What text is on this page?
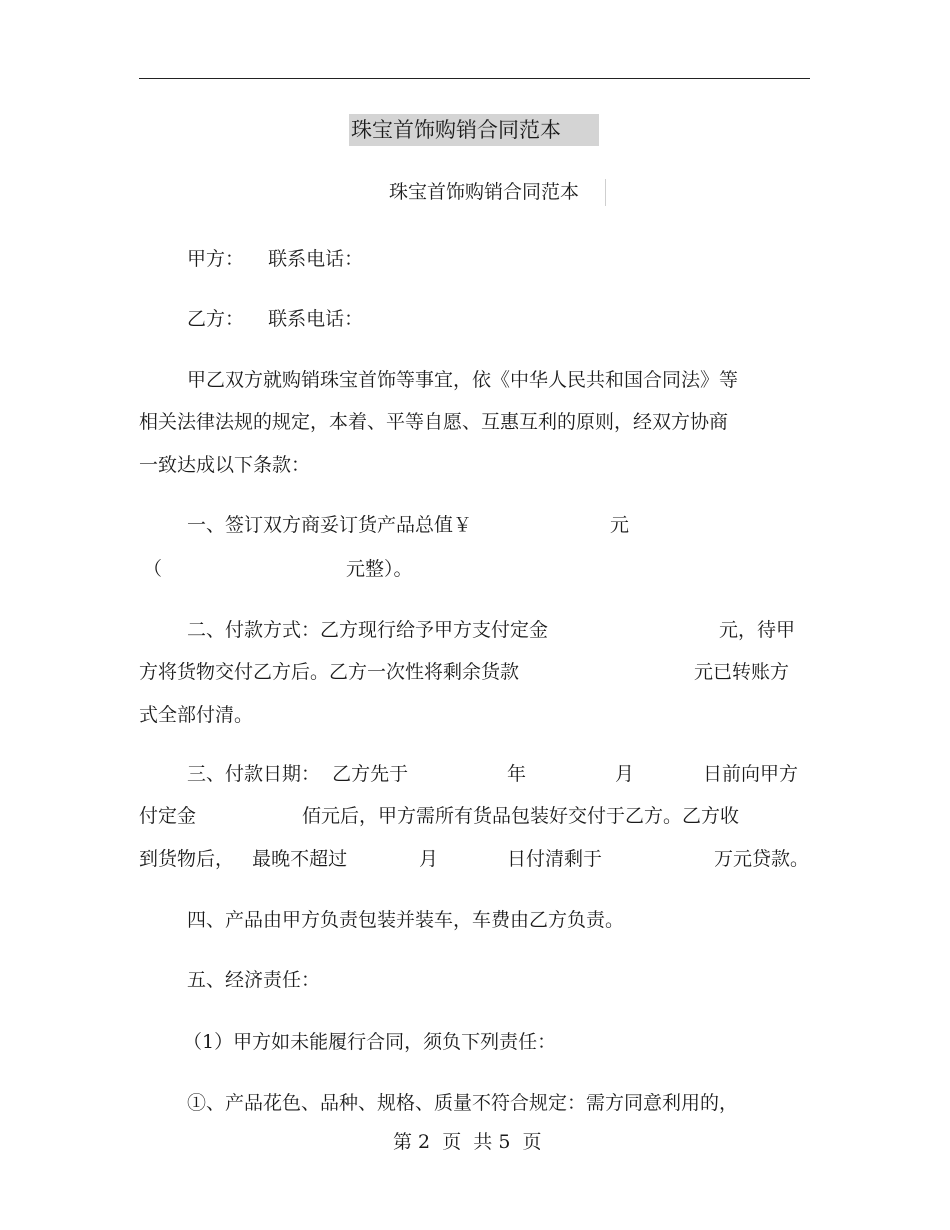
珠宝首饰购销合同范本
珠宝首饰购销合同范本
甲方：    联系电话：
乙方：    联系电话：
甲乙双方就购销珠宝首饰等事宜，依《中华人民共和国合同法》等
相关法律法规的规定，本着、平等自愿、互惠互利的原则，经双方协商
一致达成以下条款：
一、签订双方商妥订货产品总值￥	元
（	元整）。
二、付款方式：乙方现行给予甲方支付定金	元，待甲
方将货物交付乙方后。乙方一次性将剩余货款	元已转账方
式全部付清。
三、付款日期：  乙方先于	年	月	日前向甲方
付定金	佰元后，甲方需所有货品包装好交付于乙方。乙方收
到货物后，   最晚不超过	月	日付清剩于	万元贷款。
四、产品由甲方负责包装并装车，车费由乙方负责。
五、经济责任：
（1）甲方如未能履行合同，须负下列责任：
①、产品花色、品种、规格、质量不符合规定：需方同意利用的，
第 2  页  共 5  页
